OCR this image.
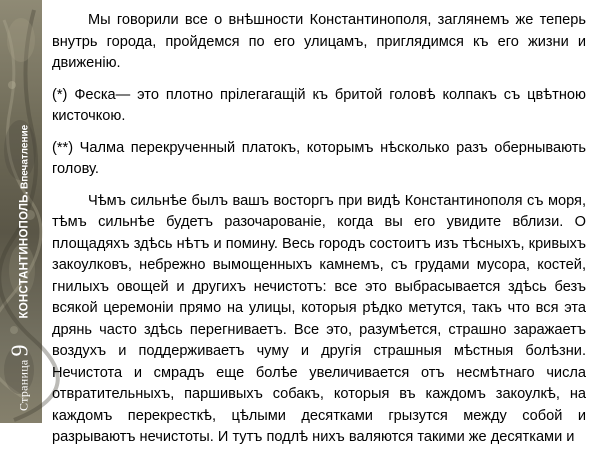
Страница
9
КОНСТАНТИНОПОЛЬ.
Впечатление

Мы говорили все о внѣшности Константинополя, заглянемъ же теперь внутрь города, пройдемся по его улицамъ, приглядимся къ его жизни и движенію.

(*) Феска— это плотно прілегагащій къ бритой головѣ колпакъ съ цвѣтною кисточкою.

(**) Чалма перекрученный платокъ, которымъ нѣсколько разъ обернывають голову.

Чѣмъ сильнѣе былъ вашъ восторгъ при видѣ Константинополя съ моря, тѣмъ сильнѣе будетъ разочарованіе, когда вы его увидите вблизи. О площадяхъ здѣсь нѣтъ и помину. Весь городъ состоитъ изъ тѣсныхъ, кривыхъ закоулковъ, небрежно вымощенныхъ камнемъ, съ грудами мусора, костей, гнилыхъ овощей и другихъ нечистотъ: все это выбрасывается здѣсь безъ всякой церемоніи прямо на улицы, которыя рѣдко метутся, такъ что вся эта дрянь часто здѣсь перегниваетъ. Все это, разумѣется, страшно заражаетъ воздухъ и поддерживаетъ чуму и другія страшныя мѣстныя болѣзни. Нечистота и смрадъ еще болѣе увеличивается отъ несмѣтнаго числа отвратительныхъ, паршивыхъ собакъ, которыя въ каждомъ закоулкѣ, на каждомъ перекресткѣ, цѣлыми десятками грызутся между собой и разрываютъ нечистоты. И тутъ подлѣ нихъ валяются такими же десятками и
